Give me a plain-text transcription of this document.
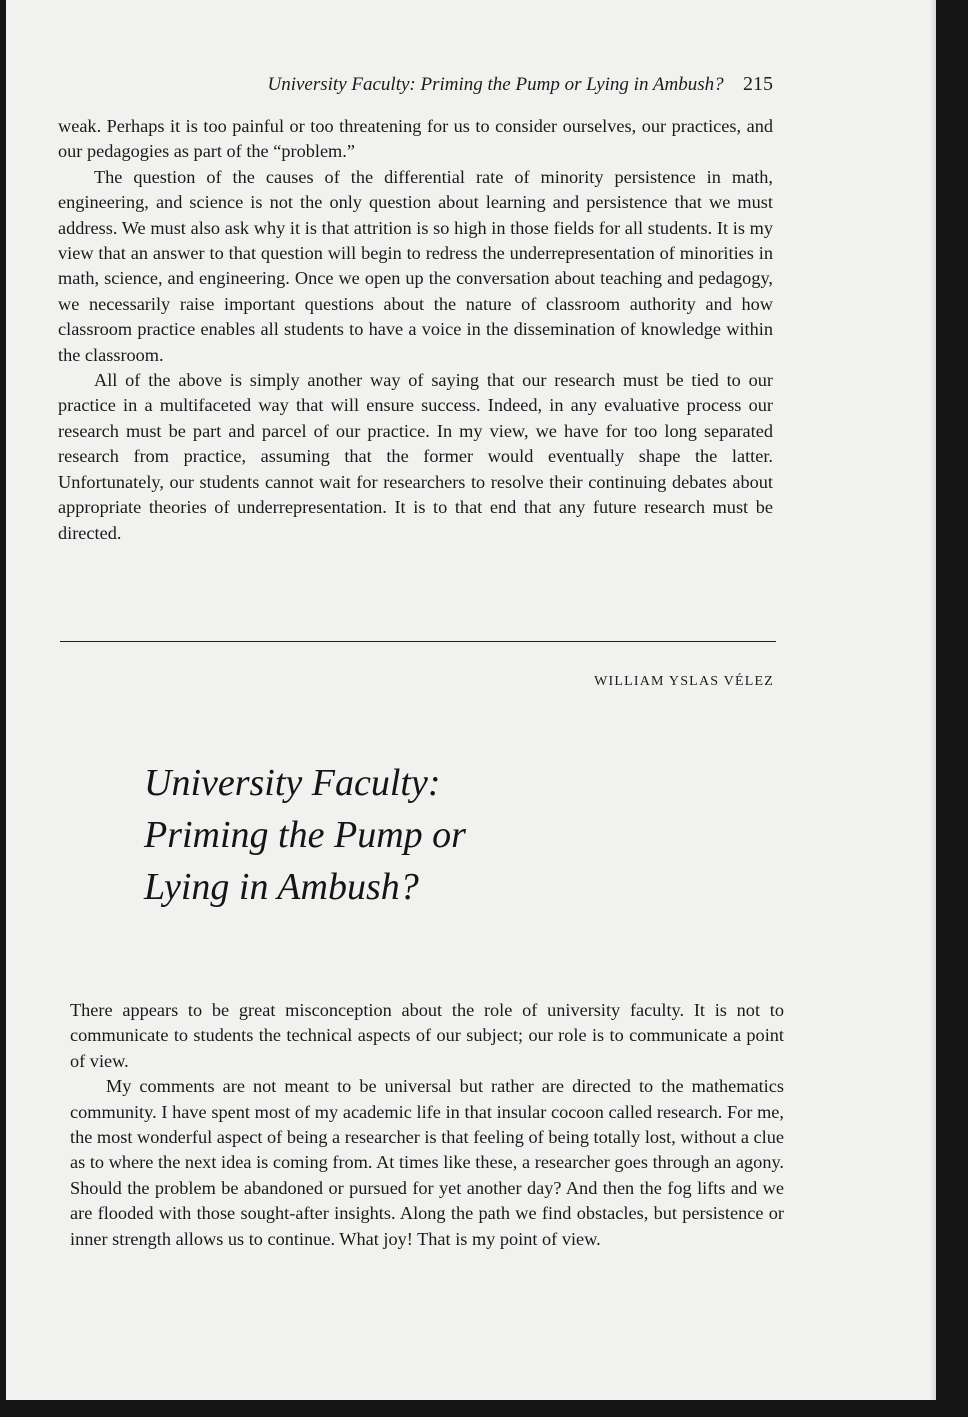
University Faculty: Priming the Pump or Lying in Ambush? 215

weak. Perhaps it is too painful or too threatening for us to consider ourselves, our practices, and our pedagogies as part of the “problem.”

The question of the causes of the differential rate of minority persistence in math, engineering, and science is not the only question about learning and persistence that we must address. We must also ask why it is that attrition is so high in those fields for all students. It is my view that an answer to that question will begin to redress the underrepresentation of minorities in math, science, and engineering. Once we open up the conversation about teaching and pedagogy, we necessarily raise important questions about the nature of classroom authority and how classroom practice enables all students to have a voice in the dissemination of knowledge within the classroom.

All of the above is simply another way of saying that our research must be tied to our practice in a multifaceted way that will ensure success. Indeed, in any evaluative process our research must be part and parcel of our practice. In my view, we have for too long separated research from practice, assuming that the former would eventually shape the latter. Unfortunately, our students cannot wait for researchers to resolve their continuing debates about appropriate theories of underrepresentation. It is to that end that any future research must be directed.

WILLIAM YSLAS VÉLEZ
University Faculty:
Priming the Pump or
Lying in Ambush?

There appears to be great misconception about the role of university faculty. It is not to communicate to students the technical aspects of our subject; our role is to communicate a point of view.

My comments are not meant to be universal but rather are directed to the mathematics community. I have spent most of my academic life in that insular cocoon called research. For me, the most wonderful aspect of being a researcher is that feeling of being totally lost, without a clue as to where the next idea is coming from. At times like these, a researcher goes through an agony. Should the problem be abandoned or pursued for yet another day? And then the fog lifts and we are flooded with those sought-after insights. Along the path we find obstacles, but persistence or inner strength allows us to continue. What joy! That is my point of view.
